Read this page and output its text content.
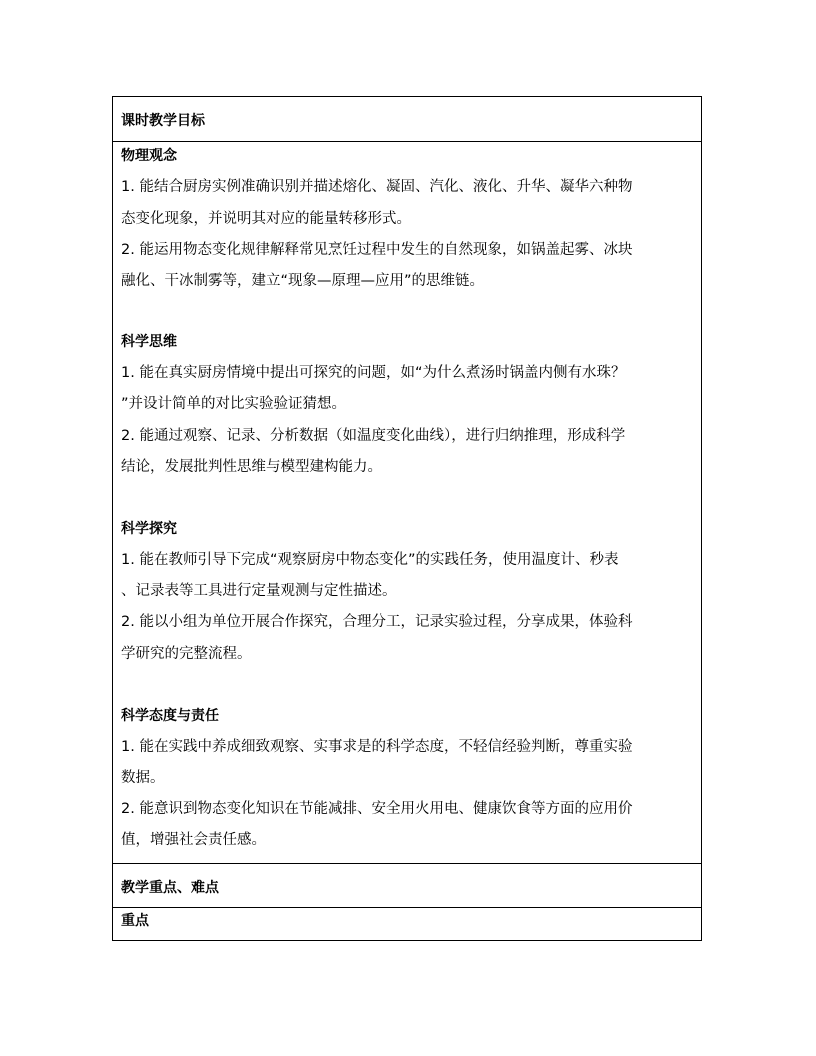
课时教学目标
物理观念
1. 能结合厨房实例准确识别并描述熔化、凝固、汽化、液化、升华、凝华六种物
态变化现象，并说明其对应的能量转移形式。
2. 能运用物态变化规律解释常见烹饪过程中发生的自然现象，如锅盖起雾、冰块
融化、干冰制雾等，建立“现象—原理—应用”的思维链。
科学思维
1. 能在真实厨房情境中提出可探究的问题，如“为什么煮汤时锅盖内侧有水珠？
”并设计简单的对比实验验证猜想。
2. 能通过观察、记录、分析数据（如温度变化曲线），进行归纳推理，形成科学
结论，发展批判性思维与模型建构能力。
科学探究
1. 能在教师引导下完成“观察厨房中物态变化”的实践任务，使用温度计、秒表
、记录表等工具进行定量观测与定性描述。
2. 能以小组为单位开展合作探究，合理分工，记录实验过程，分享成果，体验科
学研究的完整流程。
科学态度与责任
1. 能在实践中养成细致观察、实事求是的科学态度，不轻信经验判断，尊重实验
数据。
2. 能意识到物态变化知识在节能减排、安全用火用电、健康饮食等方面的应用价
值，增强社会责任感。
教学重点、难点
重点
